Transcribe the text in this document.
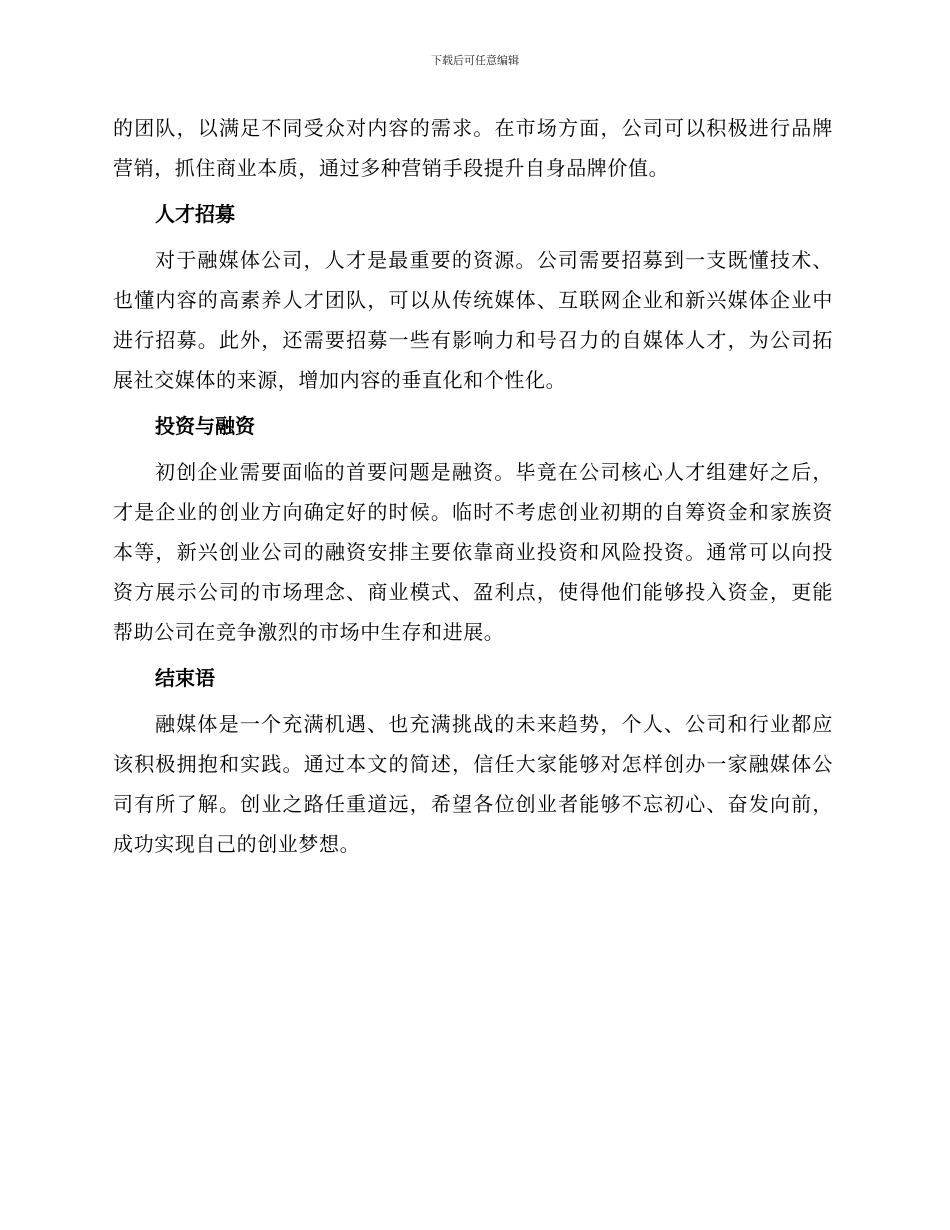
下载后可任意编辑

的团队，以满足不同受众对内容的需求。在市场方面，公司可以积极进行品牌营销，抓住商业本质，通过多种营销手段提升自身品牌价值。

人才招募

对于融媒体公司，人才是最重要的资源。公司需要招募到一支既懂技术、也懂内容的高素养人才团队，可以从传统媒体、互联网企业和新兴媒体企业中进行招募。此外，还需要招募一些有影响力和号召力的自媒体人才，为公司拓展社交媒体的来源，增加内容的垂直化和个性化。

投资与融资

初创企业需要面临的首要问题是融资。毕竟在公司核心人才组建好之后，才是企业的创业方向确定好的时候。临时不考虑创业初期的自筹资金和家族资本等，新兴创业公司的融资安排主要依靠商业投资和风险投资。通常可以向投资方展示公司的市场理念、商业模式、盈利点，使得他们能够投入资金，更能帮助公司在竞争激烈的市场中生存和进展。

结束语

融媒体是一个充满机遇、也充满挑战的未来趋势，个人、公司和行业都应该积极拥抱和实践。通过本文的简述，信任大家能够对怎样创办一家融媒体公司有所了解。创业之路任重道远，希望各位创业者能够不忘初心、奋发向前，成功实现自己的创业梦想。
